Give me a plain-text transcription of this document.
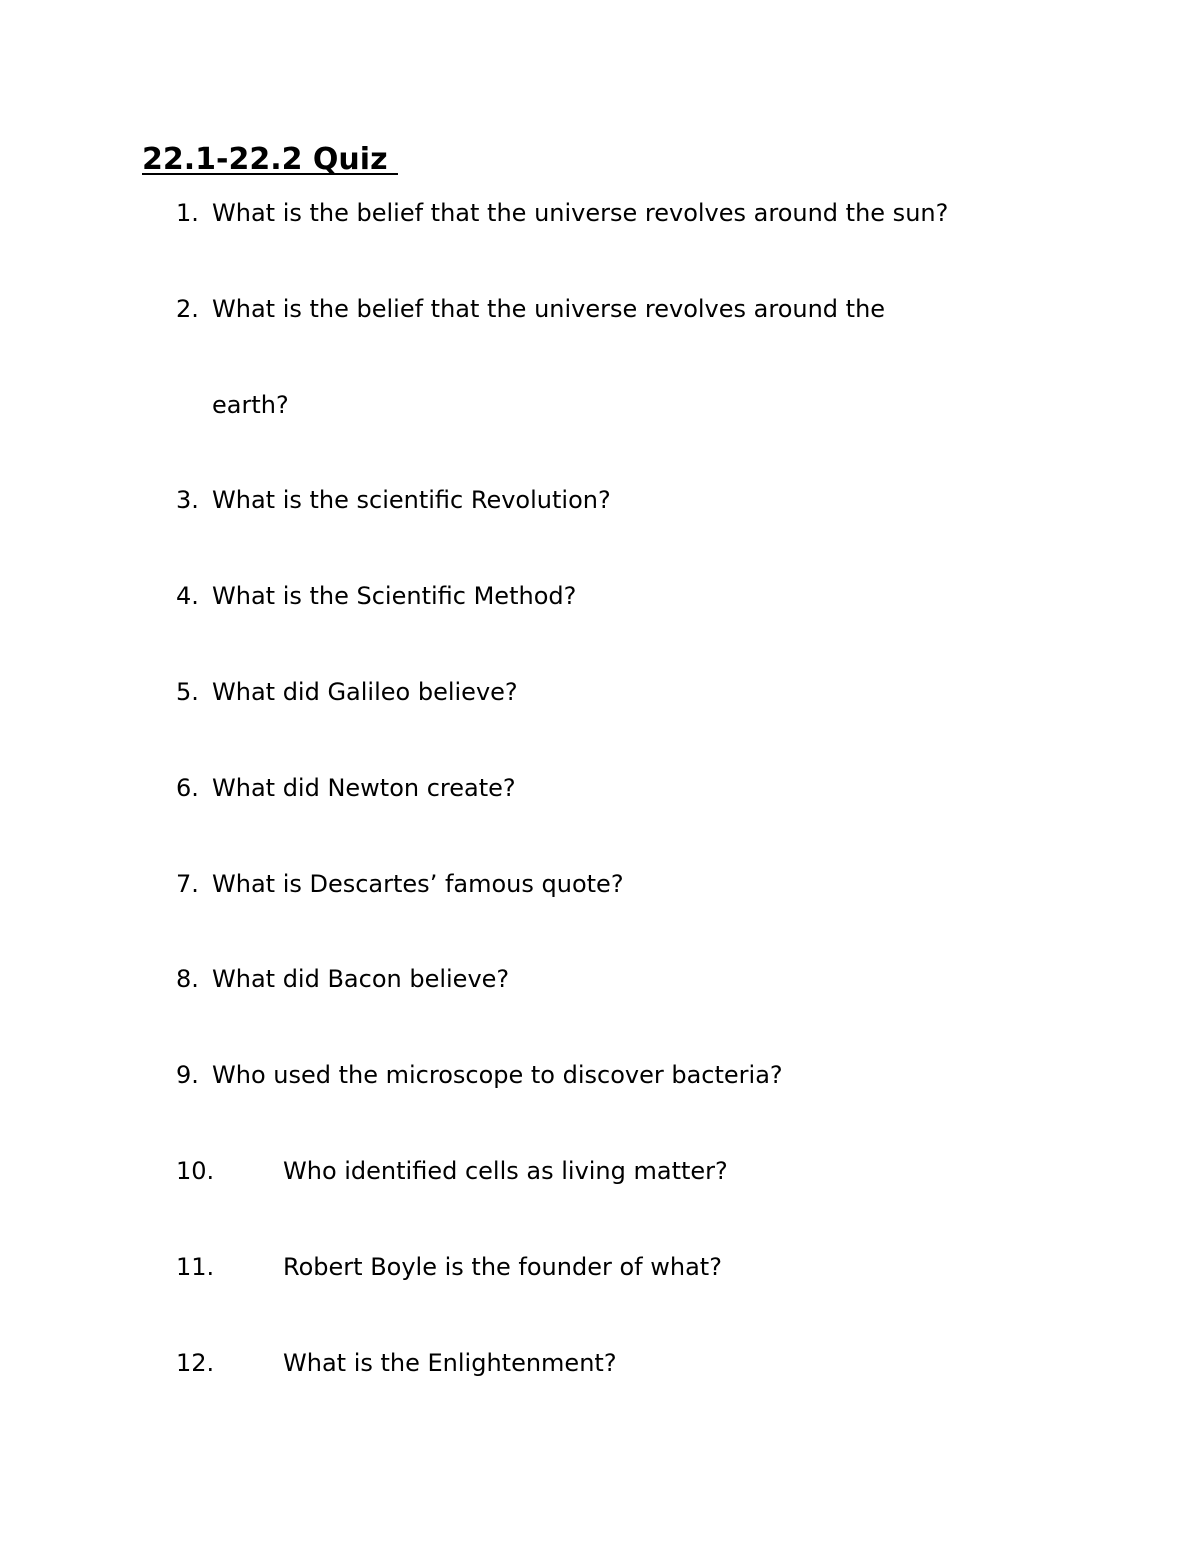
22.1-22.2 Quiz
1. What is the belief that the universe revolves around the sun?
2. What is the belief that the universe revolves around the
earth?
3. What is the scientific Revolution?
4. What is the Scientific Method?
5. What did Galileo believe?
6. What did Newton create?
7. What is Descartes’ famous quote?
8. What did Bacon believe?
9. Who used the microscope to discover bacteria?
10.	Who identified cells as living matter?
11.	Robert Boyle is the founder of what?
12.	What is the Enlightenment?
